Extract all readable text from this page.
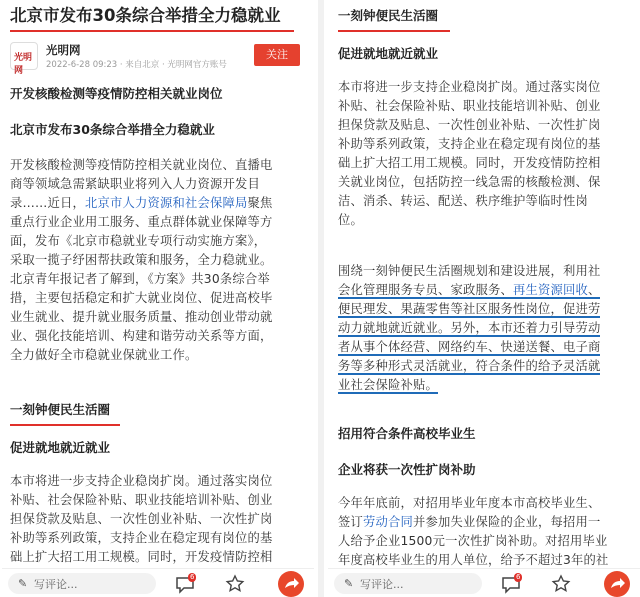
北京市发布30条综合举措全力稳就业
光明网
光明网
2022-6-28 09:23 · 来自北京 · 光明网官方账号
关注
开发核酸检测等疫情防控相关就业岗位
北京市发布30条综合举措全力稳就业
开发核酸检测等疫情防控相关就业岗位、直播电
商等领域急需紧缺职业将列入人力资源开发目
录……近日，北京市人力资源和社会保障局聚焦
重点行业企业用工服务、重点群体就业保障等方
面，发布《北京市稳就业专项行动实施方案》，
采取一揽子纾困帮扶政策和服务，全力稳就业。
北京青年报记者了解到，《方案》共30条综合举
措，主要包括稳定和扩大就业岗位、促进高校毕
业生就业、提升就业服务质量、推动创业带动就
业、强化技能培训、构建和谐劳动关系等方面，
全力做好全市稳就业保就业工作。
一刻钟便民生活圈
促进就地就近就业
本市将进一步支持企业稳岗扩岗。通过落实岗位
补贴、社会保险补贴、职业技能培训补贴、创业
担保贷款及贴息、一次性创业补贴、一次性扩岗
补助等系列政策，支持企业在稳定现有岗位的基
础上扩大招工用工规模。同时，开发疫情防控相
✎ 写评论...
6
一刻钟便民生活圈
促进就地就近就业
本市将进一步支持企业稳岗扩岗。通过落实岗位
补贴、社会保险补贴、职业技能培训补贴、创业
担保贷款及贴息、一次性创业补贴、一次性扩岗
补助等系列政策，支持企业在稳定现有岗位的基
础上扩大招工用工规模。同时，开发疫情防控相
关就业岗位，包括防控一线急需的核酸检测、保
洁、消杀、转运、配送、秩序维护等临时性岗
位。
围绕一刻钟便民生活圈规划和建设进展，利用社
会化管理服务专员、家政服务、再生资源回收、
便民理发、果蔬零售等社区服务性岗位，促进劳
动力就地就近就业。另外，本市还着力引导劳动
者从事个体经营、网络约车、快递送餐、电子商
务等多种形式灵活就业，符合条件的给予灵活就
业社会保险补贴。
招用符合条件高校毕业生
企业将获一次性扩岗补助
今年年底前，对招用毕业年度本市高校毕业生、
签订劳动合同并参加失业保险的企业，每招用一
人给予企业1500元一次性扩岗补助。对招用毕业
年度高校毕业生的用人单位，给予不超过3年的社
✎ 写评论...
6
